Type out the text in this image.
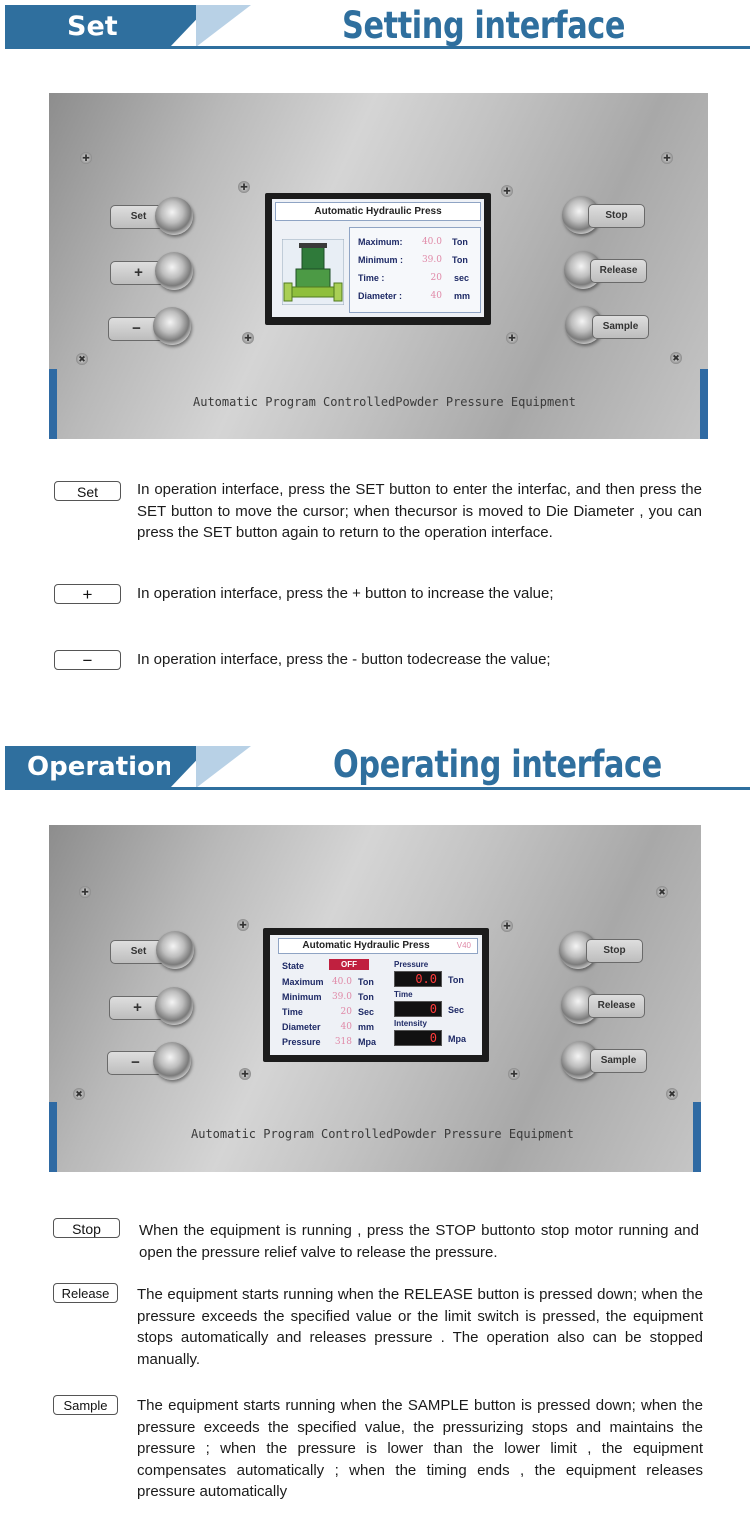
Set	Setting interface
✚	✚
✚	✚
✚	✚
✖	✖
Set
+
−
Stop
Release
Sample
Automatic Hydraulic Press
Maximum:	40.0 Ton
Minimum :	39.0 Ton
Time :	20 sec
Diameter :	40 mm
Automatic Program ControlledPowder Pressure Equipment
Set	In operation interface, press the SET button to enter the interfac, and then press the SET button to move the cursor; when thecursor is moved to Die Diameter , you can press the SET button again to return to the operation interface.
+	In operation interface, press the + button to increase the value;
−	In operation interface, press the - button todecrease the value;
Operation	Operating interface
✚	✖
✚	✚
✚	✚
✖	✖
Set
+
−
Stop
Release
Sample
Automatic Hydraulic Press	V40
State	OFF
Maximum 40.0 Ton
Minimum	39.0 Ton
Time	20 Sec
Diameter	40 mm
Pressure	318 Mpa
Pressure
0.0	Ton
Time
0	Sec
Intensity
0	Mpa
Automatic Program ControlledPowder Pressure Equipment
Stop	When the equipment is running , press the STOP buttonto stop motor running and open the pressure relief valve to release the pressure.
Release	The equipment starts running when the RELEASE button is pressed down; when the pressure exceeds the specified value or the limit switch is pressed, the equipment stops automatically and releases pressure . The operation also can be stopped manually.
Sample	The equipment starts running when the SAMPLE button is pressed down; when the pressure exceeds the specified value, the pressurizing stops and maintains the pressure ; when the pressure is lower than the lower limit , the equipment compensates automatically ; when the timing ends , the equipment releases pressure automatically
